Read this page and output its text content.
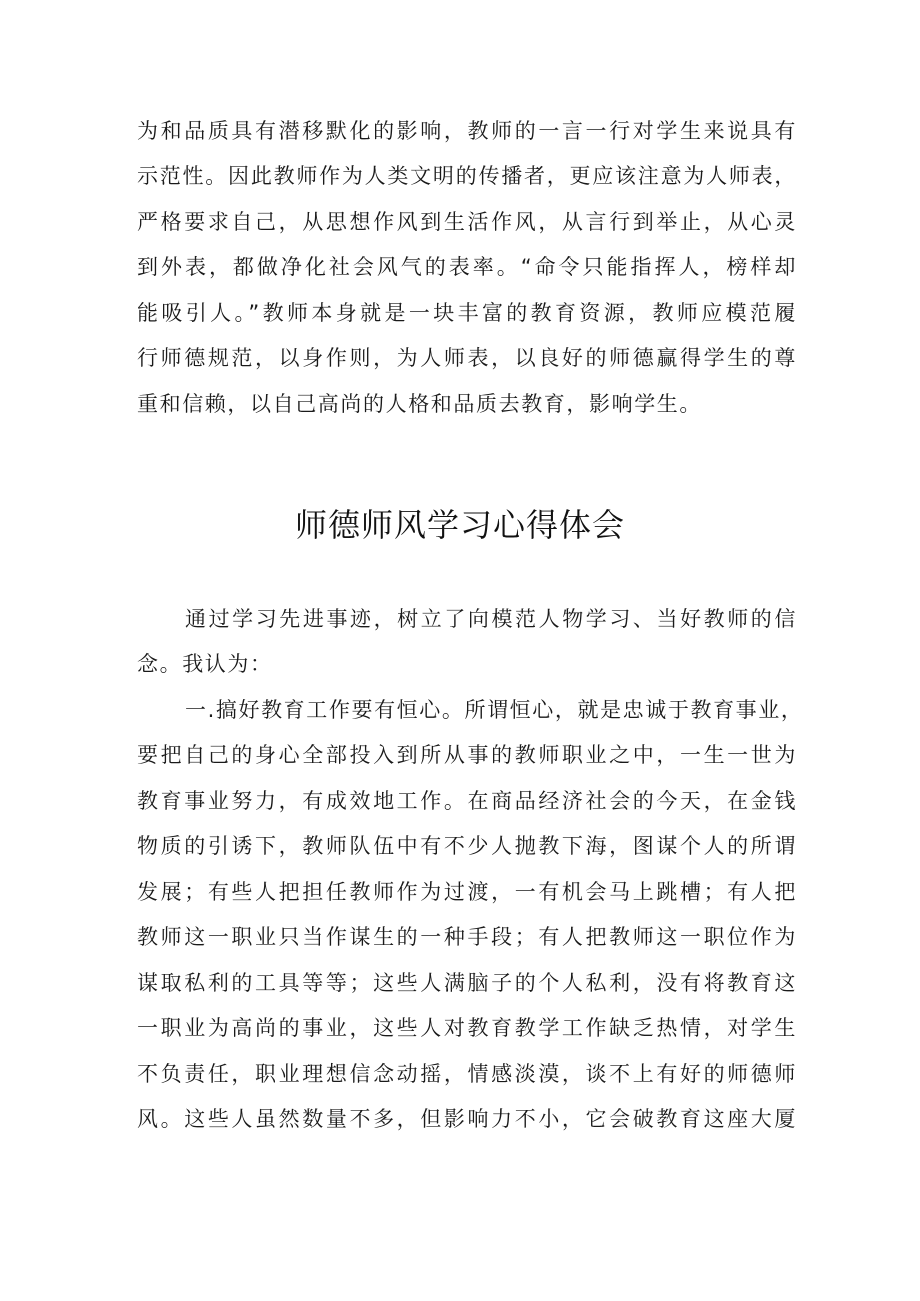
为和品质具有潜移默化的影响，教师的一言一行对学生来说具有
示范性。因此教师作为人类文明的传播者，更应该注意为人师表，
严格要求自己，从思想作风到生活作风，从言行到举止，从心灵
到外表，都做净化社会风气的表率。“命令只能指挥人，榜样却
能吸引人。”教师本身就是一块丰富的教育资源，教师应模范履
行师德规范，以身作则，为人师表，以良好的师德赢得学生的尊
重和信赖，以自己高尚的人格和品质去教育，影响学生。
师德师风学习心得体会
通过学习先进事迹，树立了向模范人物学习、当好教师的信
念。我认为：
一.搞好教育工作要有恒心。所谓恒心，就是忠诚于教育事业，
要把自己的身心全部投入到所从事的教师职业之中，一生一世为
教育事业努力，有成效地工作。在商品经济社会的今天，在金钱
物质的引诱下，教师队伍中有不少人抛教下海，图谋个人的所谓
发展；有些人把担任教师作为过渡，一有机会马上跳槽；有人把
教师这一职业只当作谋生的一种手段；有人把教师这一职位作为
谋取私利的工具等等；这些人满脑子的个人私利，没有将教育这
一职业为高尚的事业，这些人对教育教学工作缺乏热情，对学生
不负责任，职业理想信念动摇，情感淡漠，谈不上有好的师德师
风。这些人虽然数量不多，但影响力不小，它会破教育这座大厦
